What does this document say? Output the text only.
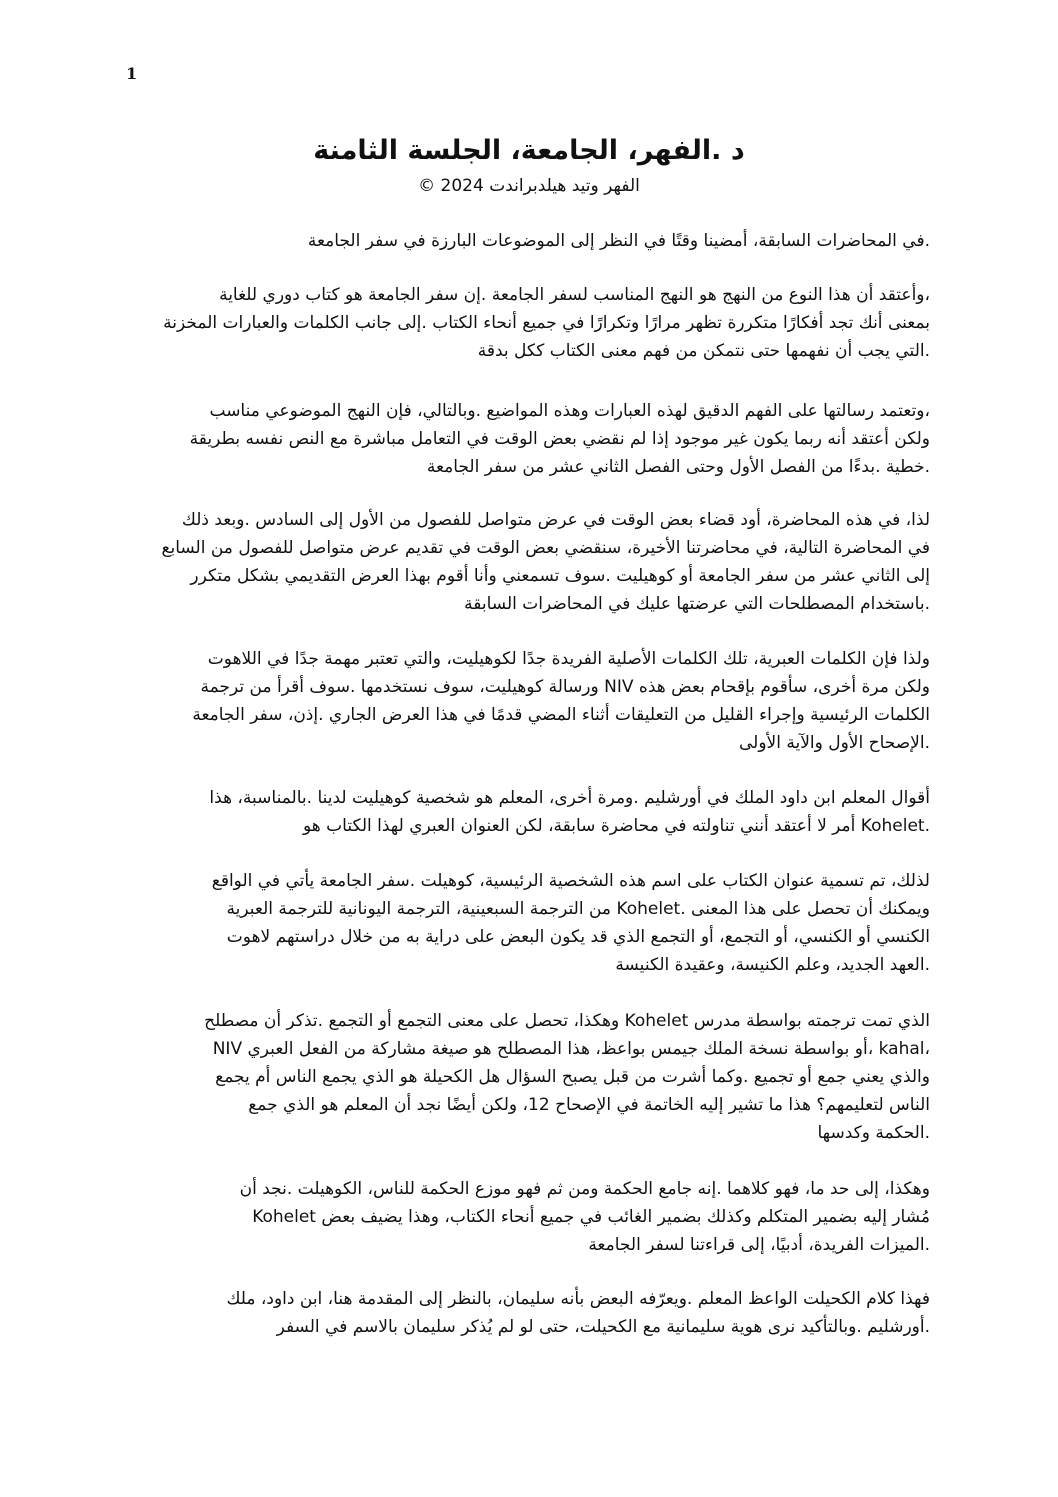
1
د .الفهر، الجامعة، الجلسة الثامنة
الفهر وتيد هيلدبراندت 2024 ©
.في المحاضرات السابقة، أمضينا وقتًا في النظر إلى الموضوعات البارزة في سفر الجامعة
،وأعتقد أن هذا النوع من النهج هو النهج المناسب لسفر الجامعة .إن سفر الجامعة هو كتاب دوري للغاية
بمعنى أنك تجد أفكارًا متكررة تظهر مرارًا وتكرارًا في جميع أنحاء الكتاب .إلى جانب الكلمات والعبارات المخزنة
.التي يجب أن نفهمها حتى نتمكن من فهم معنى الكتاب ككل بدقة
،وتعتمد رسالتها على الفهم الدقيق لهذه العبارات وهذه المواضيع .وبالتالي، فإن النهج الموضوعي مناسب
ولكن أعتقد أنه ربما يكون غير موجود إذا لم نقضي بعض الوقت في التعامل مباشرة مع النص نفسه بطريقة
.خطية .بدءًا من الفصل الأول وحتى الفصل الثاني عشر من سفر الجامعة
لذا، في هذه المحاضرة، أود قضاء بعض الوقت في عرض متواصل للفصول من الأول إلى السادس .وبعد ذلك
في المحاضرة التالية، في محاضرتنا الأخيرة، سنقضي بعض الوقت في تقديم عرض متواصل للفصول من السابع
إلى الثاني عشر من سفر الجامعة أو كوهيليت .سوف تسمعني وأنا أقوم بهذا العرض التقديمي بشكل متكرر
.باستخدام المصطلحات التي عرضتها عليك في المحاضرات السابقة
ولذا فإن الكلمات العبرية، تلك الكلمات الأصلية الفريدة جدًا لكوهيليت، والتي تعتبر مهمة جدًا في اللاهوت
ولكن مرة أخرى، سأقوم بإقحام بعض هذه NIV ورسالة كوهيليت، سوف نستخدمها .سوف أقرأ من ترجمة
الكلمات الرئيسية وإجراء القليل من التعليقات أثناء المضي قدمًا في هذا العرض الجاري .إذن، سفر الجامعة
.الإصحاح الأول والآية الأولى
أقوال المعلم ابن داود الملك في أورشليم .ومرة أخرى، المعلم هو شخصية كوهيليت لدينا .بالمناسبة، هذا
.Kohelet أمر لا أعتقد أنني تناولته في محاضرة سابقة، لكن العنوان العبري لهذا الكتاب هو
لذلك، تم تسمية عنوان الكتاب على اسم هذه الشخصية الرئيسية، كوهيلت .سفر الجامعة يأتي في الواقع
ويمكنك أن تحصل على هذا المعنى .Kohelet من الترجمة السبعينية، الترجمة اليونانية للترجمة العبرية
الكنسي أو الكنسي، أو التجمع، أو التجمع الذي قد يكون البعض على دراية به من خلال دراستهم لاهوت
.العهد الجديد، وعلم الكنيسة، وعقيدة الكنيسة
الذي تمت ترجمته بواسطة مدرس Kohelet وهكذا، تحصل على معنى التجمع أو التجمع .تذكر أن مصطلح
،kahal ،أو بواسطة نسخة الملك جيمس بواعظ، هذا المصطلح هو صيغة مشاركة من الفعل العبري NIV
والذي يعني جمع أو تجميع .وكما أشرت من قبل يصبح السؤال هل الكحيلة هو الذي يجمع الناس أم يجمع
الناس لتعليمهم؟ هذا ما تشير إليه الخاتمة في الإصحاح 12، ولكن أيضًا نجد أن المعلم هو الذي جمع
.الحكمة وكدسها
وهكذا، إلى حد ما، فهو كلاهما .إنه جامع الحكمة ومن ثم فهو موزع الحكمة للناس، الكوهيلت .نجد أن
مُشار إليه بضمير المتكلم وكذلك بضمير الغائب في جميع أنحاء الكتاب، وهذا يضيف بعض Kohelet
.الميزات الفريدة، أدبيًا، إلى قراءتنا لسفر الجامعة
فهذا كلام الكحيلت الواعظ المعلم .ويعرّفه البعض بأنه سليمان، بالنظر إلى المقدمة هنا، ابن داود، ملك
.أورشليم .وبالتأكيد نرى هوية سليمانية مع الكحيلت، حتى لو لم يُذكر سليمان بالاسم في السفر
